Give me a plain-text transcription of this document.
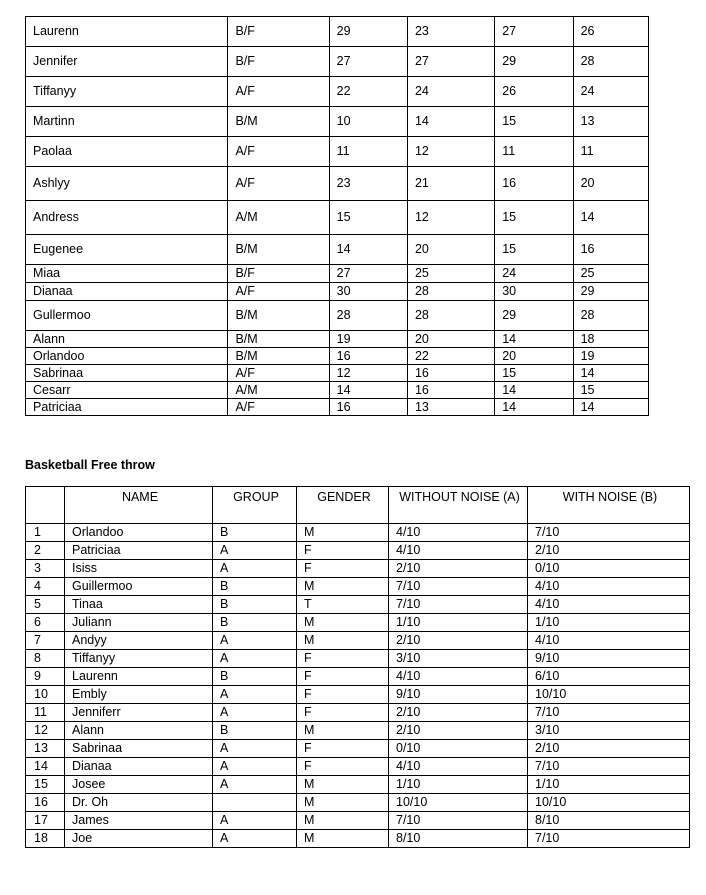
Laurenn	B/F	29	23	27	26
Jennifer	B/F	27	27	29	28
Tiffanyy	A/F	22	24	26	24
Martinn	B/M	10	14	15	13
Paolaa	A/F	11	12	11	11
Ashlyy	A/F	23	21	16	20
Andress	A/M	15	12	15	14
Eugenee	B/M	14	20	15	16
Miaa	B/F	27	25	24	25
Dianaa	A/F	30	28	30	29
Gullermoo	B/M	28	28	29	28
Alann	B/M	19	20	14	18
Orlandoo	B/M	16	22	20	19
Sabrinaa	A/F	12	16	15	14
Cesarr	A/M	14	16	14	15
Patriciaa	A/F	16	13	14	14
Basketball Free throw
	NAME	GROUP	GENDER	WITHOUT NOISE (A)	WITH NOISE (B)
1	Orlandoo	B	M	4/10	7/10
2	Patriciaa	A	F	4/10	2/10
3	Isiss	A	F	2/10	0/10
4	Guillermoo	B	M	7/10	4/10
5	Tinaa	B	T	7/10	4/10
6	Juliann	B	M	1/10	1/10
7	Andyy	A	M	2/10	4/10
8	Tiffanyy	A	F	3/10	9/10
9	Laurenn	B	F	4/10	6/10
10	Embly	A	F	9/10	10/10
11	Jenniferr	A	F	2/10	7/10
12	Alann	B	M	2/10	3/10
13	Sabrinaa	A	F	0/10	2/10
14	Dianaa	A	F	4/10	7/10
15	Josee	A	M	1/10	1/10
16	Dr. Oh		M	10/10	10/10
17	James	A	M	7/10	8/10
18	Joe	A	M	8/10	7/10
